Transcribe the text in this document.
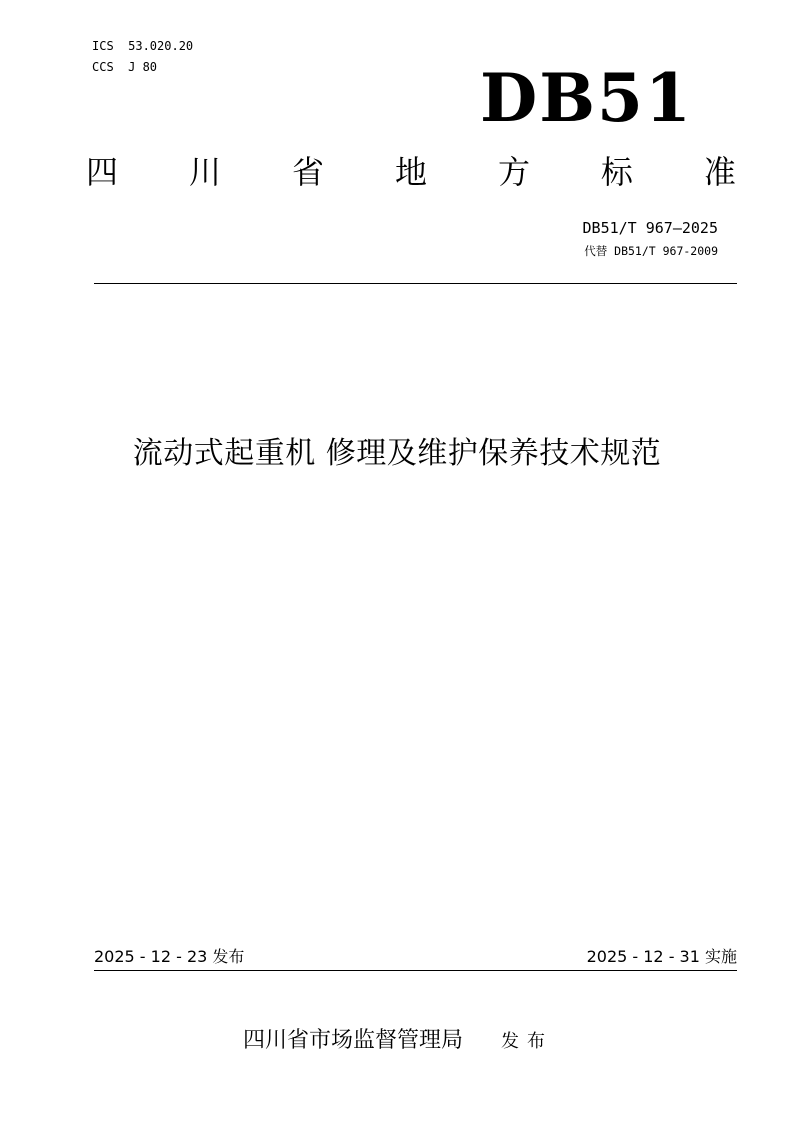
ICS  53.020.20
CCS  J 80	DB51
四 川 省 地 方 标 准
DB51/T 967—2025
代替 DB51/T 967-2009
流动式起重机 修理及维护保养技术规范
2025 - 12 - 23 发布	2025 - 12 - 31 实施
四川省市场监督管理局 发布
